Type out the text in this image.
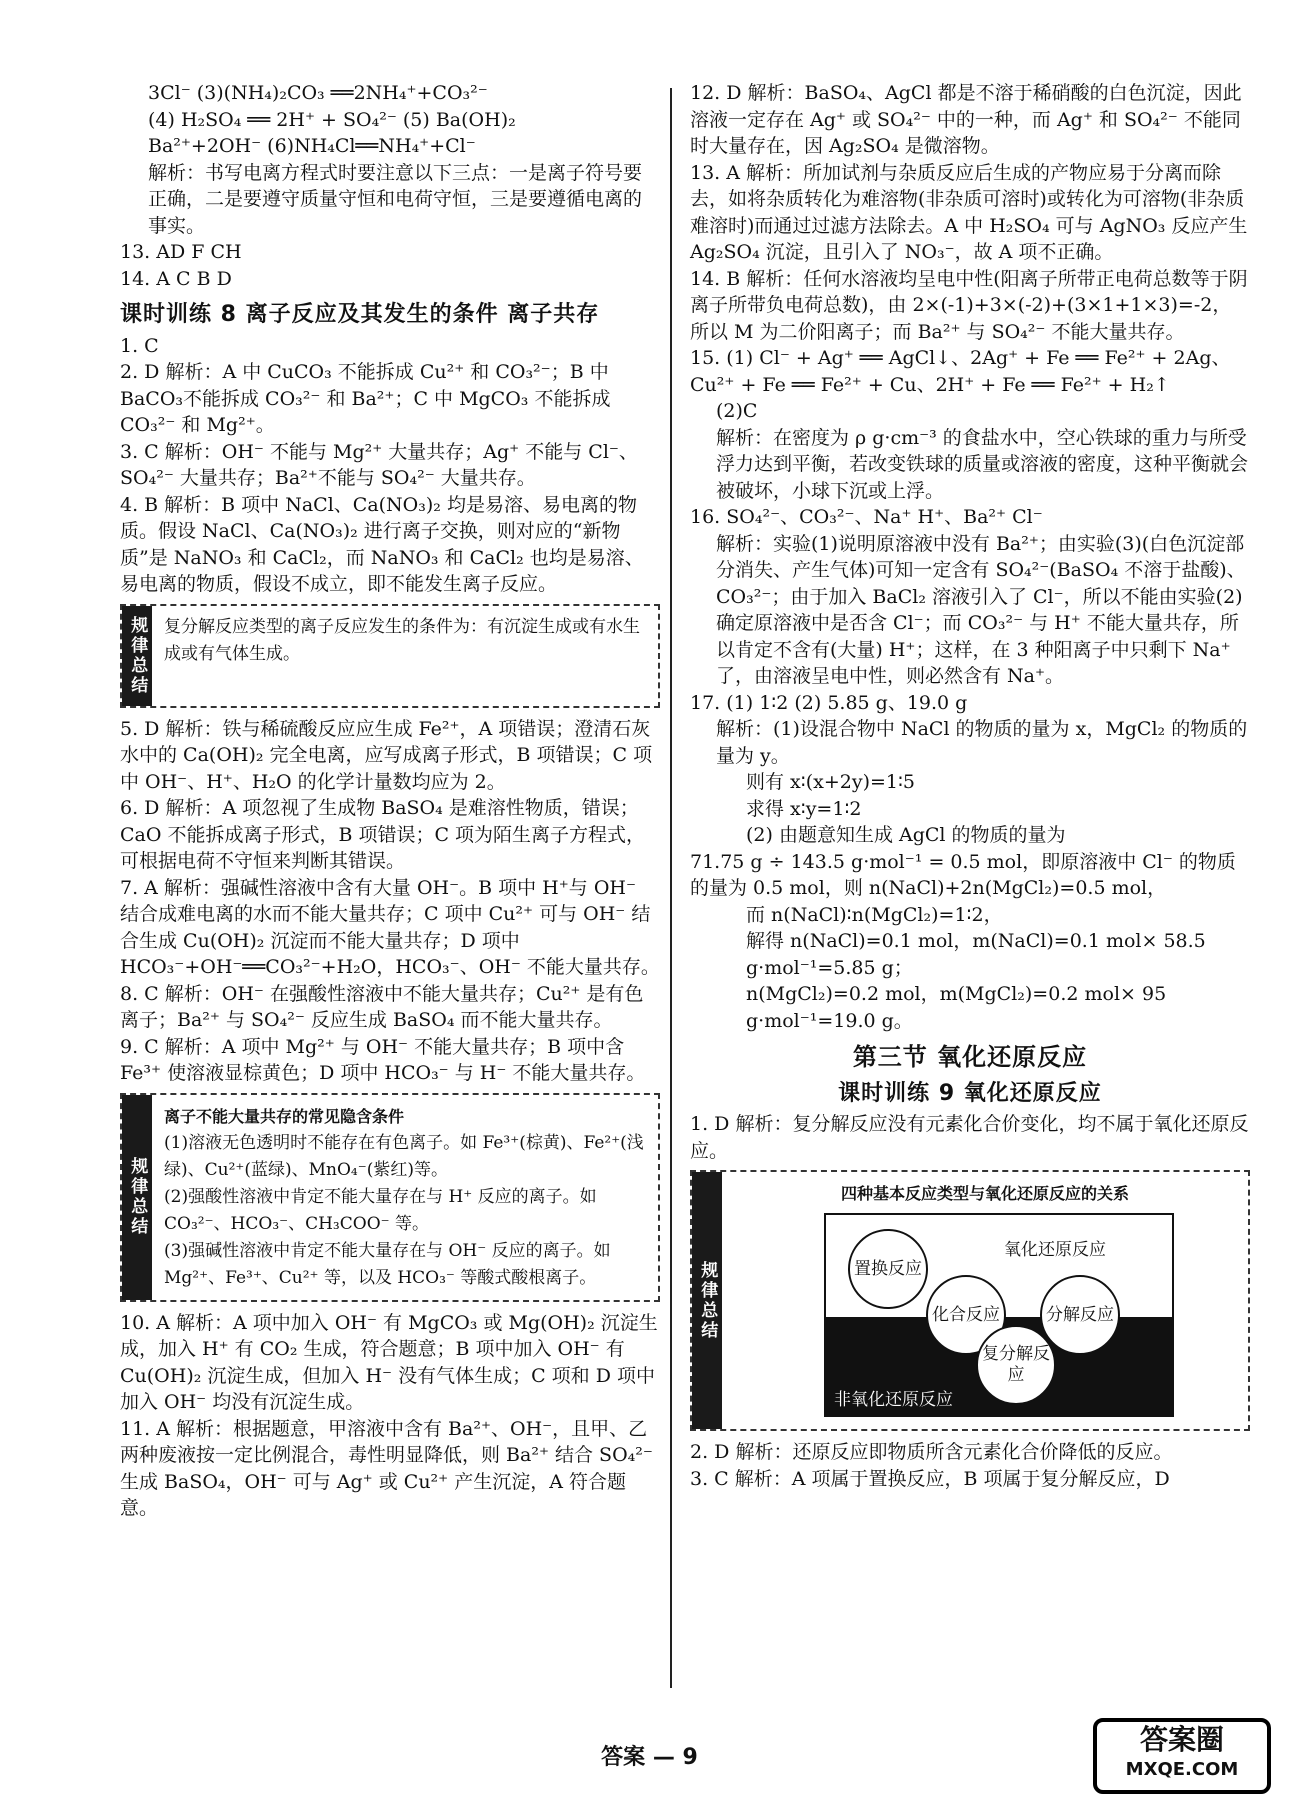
3Cl⁻ (3)(NH₄)₂CO₃ ══2NH₄⁺+CO₃²⁻

(4) H₂SO₄ ══ 2H⁺ + SO₄²⁻ (5) Ba(OH)₂

Ba²⁺+2OH⁻ (6)NH₄Cl══NH₄⁺+Cl⁻

解析：书写电离方程式时要注意以下三点：一是离子符号要正确，二是要遵守质量守恒和电荷守恒，三是要遵循电离的事实。

13. AD F CH

14. A C B D

课时训练 8 离子反应及其发生的条件 离子共存

1. C

2. D 解析：A 中 CuCO₃ 不能拆成 Cu²⁺ 和 CO₃²⁻；B 中 BaCO₃不能拆成 CO₃²⁻ 和 Ba²⁺；C 中 MgCO₃ 不能拆成 CO₃²⁻ 和 Mg²⁺。

3. C 解析：OH⁻ 不能与 Mg²⁺ 大量共存；Ag⁺ 不能与 Cl⁻、SO₄²⁻ 大量共存；Ba²⁺不能与 SO₄²⁻ 大量共存。

4. B 解析：B 项中 NaCl、Ca(NO₃)₂ 均是易溶、易电离的物质。假设 NaCl、Ca(NO₃)₂ 进行离子交换，则对应的“新物质”是 NaNO₃ 和 CaCl₂，而 NaNO₃ 和 CaCl₂ 也均是易溶、易电离的物质，假设不成立，即不能发生离子反应。

规律总结 复分解反应类型的离子反应发生的条件为：有沉淀生成或有水生成或有气体生成。

5. D 解析：铁与稀硫酸反应应生成 Fe²⁺，A 项错误；澄清石灰水中的 Ca(OH)₂ 完全电离，应写成离子形式，B 项错误；C 项中 OH⁻、H⁺、H₂O 的化学计量数均应为 2。

6. D 解析：A 项忽视了生成物 BaSO₄ 是难溶性物质，错误；CaO 不能拆成离子形式，B 项错误；C 项为陌生离子方程式，可根据电荷不守恒来判断其错误。

7. A 解析：强碱性溶液中含有大量 OH⁻。B 项中 H⁺与 OH⁻ 结合成难电离的水而不能大量共存；C 项中 Cu²⁺ 可与 OH⁻ 结合生成 Cu(OH)₂ 沉淀而不能大量共存；D 项中 HCO₃⁻+OH⁻══CO₃²⁻+H₂O，HCO₃⁻、OH⁻ 不能大量共存。

8. C 解析：OH⁻ 在强酸性溶液中不能大量共存；Cu²⁺ 是有色离子；Ba²⁺ 与 SO₄²⁻ 反应生成 BaSO₄ 而不能大量共存。

9. C 解析：A 项中 Mg²⁺ 与 OH⁻ 不能大量共存；B 项中含 Fe³⁺ 使溶液显棕黄色；D 项中 HCO₃⁻ 与 H⁻ 不能大量共存。

规律总结
离子不能大量共存的常见隐含条件
(1)溶液无色透明时不能存在有色离子。如 Fe³⁺(棕黄)、Fe²⁺(浅绿)、Cu²⁺(蓝绿)、MnO₄⁻(紫红)等。
(2)强酸性溶液中肯定不能大量存在与 H⁺ 反应的离子。如 CO₃²⁻、HCO₃⁻、CH₃COO⁻ 等。
(3)强碱性溶液中肯定不能大量存在与 OH⁻ 反应的离子。如 Mg²⁺、Fe³⁺、Cu²⁺ 等，以及 HCO₃⁻ 等酸式酸根离子。

10. A 解析：A 项中加入 OH⁻ 有 MgCO₃ 或 Mg(OH)₂ 沉淀生成，加入 H⁺ 有 CO₂ 生成，符合题意；B 项中加入 OH⁻ 有 Cu(OH)₂ 沉淀生成，但加入 H⁻ 没有气体生成；C 项和 D 项中加入 OH⁻ 均没有沉淀生成。

11. A 解析：根据题意，甲溶液中含有 Ba²⁺、OH⁻，且甲、乙两种废液按一定比例混合，毒性明显降低，则 Ba²⁺ 结合 SO₄²⁻ 生成 BaSO₄，OH⁻ 可与 Ag⁺ 或 Cu²⁺ 产生沉淀，A 符合题意。

12. D 解析：BaSO₄、AgCl 都是不溶于稀硝酸的白色沉淀，因此溶液一定存在 Ag⁺ 或 SO₄²⁻ 中的一种，而 Ag⁺ 和 SO₄²⁻ 不能同时大量存在，因 Ag₂SO₄ 是微溶物。

13. A 解析：所加试剂与杂质反应后生成的产物应易于分离而除去，如将杂质转化为难溶物(非杂质可溶时)或转化为可溶物(非杂质难溶时)而通过过滤方法除去。A 中 H₂SO₄ 可与 AgNO₃ 反应产生 Ag₂SO₄ 沉淀，且引入了 NO₃⁻，故 A 项不正确。

14. B 解析：任何水溶液均呈电中性(阳离子所带正电荷总数等于阴离子所带负电荷总数)，由 2×(-1)+3×(-2)+(3×1+1×3)=-2，所以 M 为二价阳离子；而 Ba²⁺ 与 SO₄²⁻ 不能大量共存。

15. (1) Cl⁻ + Ag⁺ ══ AgCl↓、2Ag⁺ + Fe ══ Fe²⁺ + 2Ag、Cu²⁺ + Fe ══ Fe²⁺ + Cu、2H⁺ + Fe ══ Fe²⁺ + H₂↑

(2)C

解析：在密度为 ρ g·cm⁻³ 的食盐水中，空心铁球的重力与所受浮力达到平衡，若改变铁球的质量或溶液的密度，这种平衡就会被破坏，小球下沉或上浮。

16. SO₄²⁻、CO₃²⁻、Na⁺ H⁺、Ba²⁺ Cl⁻

解析：实验(1)说明原溶液中没有 Ba²⁺；由实验(3)(白色沉淀部分消失、产生气体)可知一定含有 SO₄²⁻(BaSO₄ 不溶于盐酸)、CO₃²⁻；由于加入 BaCl₂ 溶液引入了 Cl⁻，所以不能由实验(2)确定原溶液中是否含 Cl⁻；而 CO₃²⁻ 与 H⁺ 不能大量共存，所以肯定不含有(大量) H⁺；这样，在 3 种阳离子中只剩下 Na⁺ 了，由溶液呈电中性，则必然含有 Na⁺。

17. (1) 1∶2 (2) 5.85 g、19.0 g

解析：(1)设混合物中 NaCl 的物质的量为 x，MgCl₂ 的物质的量为 y。

则有 x∶(x+2y)=1∶5

求得 x∶y=1∶2

(2) 由题意知生成 AgCl 的物质的量为

71.75 g ÷ 143.5 g·mol⁻¹ = 0.5 mol，即原溶液中 Cl⁻ 的物质的量为 0.5 mol，则 n(NaCl)+2n(MgCl₂)=0.5 mol，

而 n(NaCl)∶n(MgCl₂)=1∶2，

解得 n(NaCl)=0.1 mol，m(NaCl)=0.1 mol× 58.5 g·mol⁻¹=5.85 g；

n(MgCl₂)=0.2 mol，m(MgCl₂)=0.2 mol× 95 g·mol⁻¹=19.0 g。

第三节 氧化还原反应
课时训练 9 氧化还原反应

1. D 解析：复分解反应没有元素化合价变化，均不属于氧化还原反应。

规律总结
四种基本反应类型与氧化还原反应的关系
置换反应
氧化还原反应
化合反应	分解反应
复分解反应
非氧化还原反应

2. D 解析：还原反应即物质所含元素化合价降低的反应。

3. C 解析：A 项属于置换反应，B 项属于复分解反应，D

答案 — 9
答案圈
MXQE.COM
